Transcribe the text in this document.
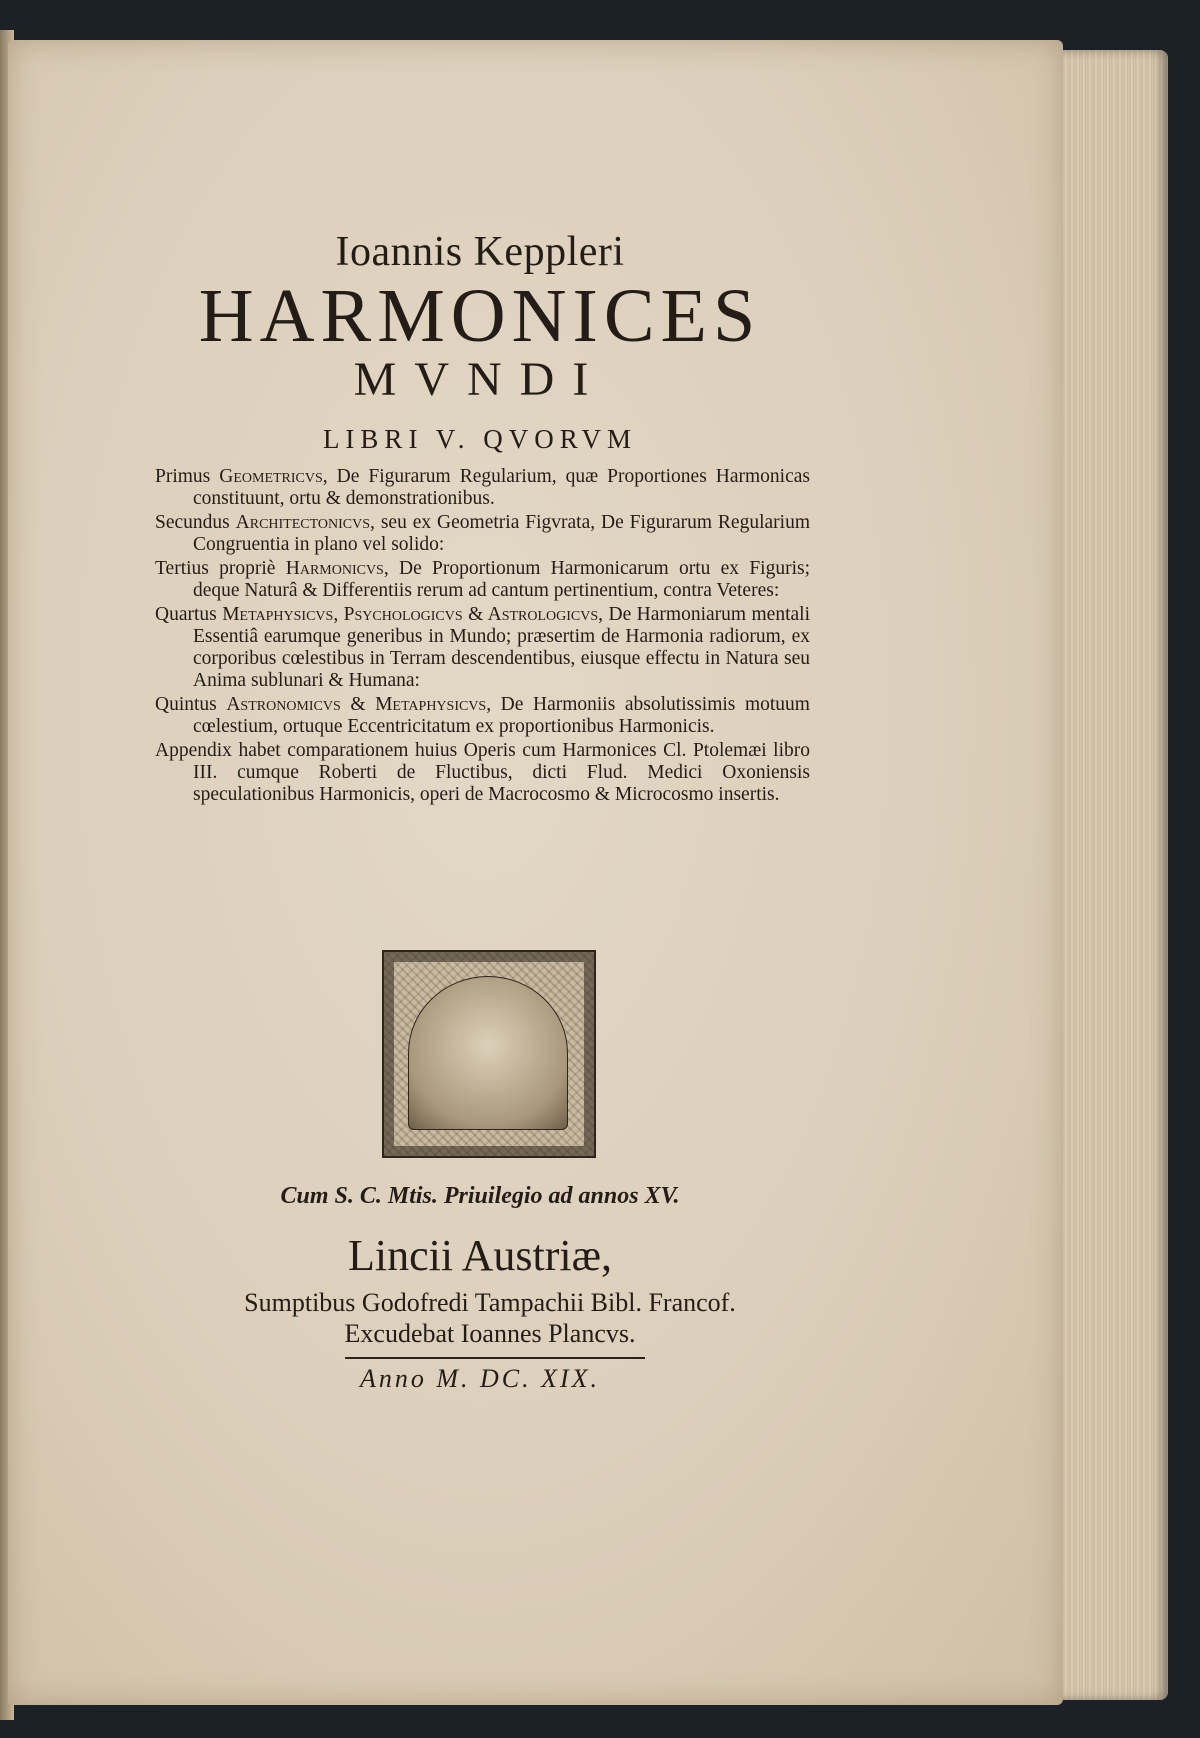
Ioannis Keppleri
HARMONICES
MVNDI
LIBRI V. QVORVM

Primus Geometricvs, De Figurarum Regularium, quæ Proportiones Harmonicas constituunt, ortu & demonstrationibus.

Secundus Architectonicvs, seu ex Geometria Figvrata, De Figurarum Regularium Congruentia in plano vel solido:

Tertius propriè Harmonicvs, De Proportionum Harmonicarum ortu ex Figuris; deque Naturâ & Differentiis rerum ad cantum pertinentium, contra Veteres:

Quartus Metaphysicvs, Psychologicvs & Astrologicvs, De Harmoniarum mentali Essentiâ earumque generibus in Mundo; præsertim de Harmonia radiorum, ex corporibus cœlestibus in Terram descendentibus, eiusque effectu in Natura seu Anima sublunari & Humana:

Quintus Astronomicvs & Metaphysicvs, De Harmoniis absolutissimis motuum cœlestium, ortuque Eccentricitatum ex proportionibus Harmonicis.

Appendix habet comparationem huius Operis cum Harmonices Cl. Ptolemæi libro III. cumque Roberti de Fluctibus, dicti Flud. Medici Oxoniensis speculationibus Harmonicis, operi de Macrocosmo & Microcosmo insertis.

Cum S. C. Mtis. Priuilegio ad annos XV.
Lincii Austriæ,
Sumptibus Godofredi Tampachii Bibl. Francof.
Excudebat Ioannes Plancvs.
Anno M. DC. XIX.
